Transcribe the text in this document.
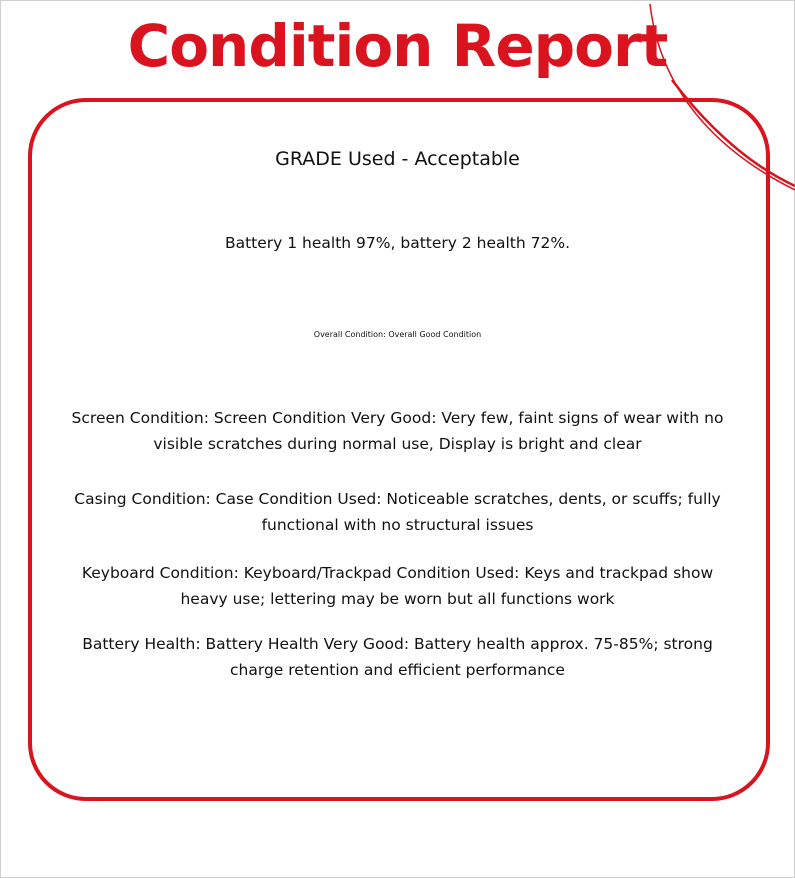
Condition Report
GRADE Used - Acceptable
Battery 1 health 97%, battery 2 health 72%.
Overall Condition: Overall Good Condition
Screen Condition: Screen Condition Very Good: Very few, faint signs of wear with no visible scratches during normal use, Display is bright and clear
Casing Condition: Case Condition Used: Noticeable scratches, dents, or scuffs; fully functional with no structural issues
Keyboard Condition: Keyboard/Trackpad Condition Used: Keys and trackpad show heavy use; lettering may be worn but all functions work
Battery Health: Battery Health Very Good: Battery health approx. 75-85%; strong charge retention and efficient performance
